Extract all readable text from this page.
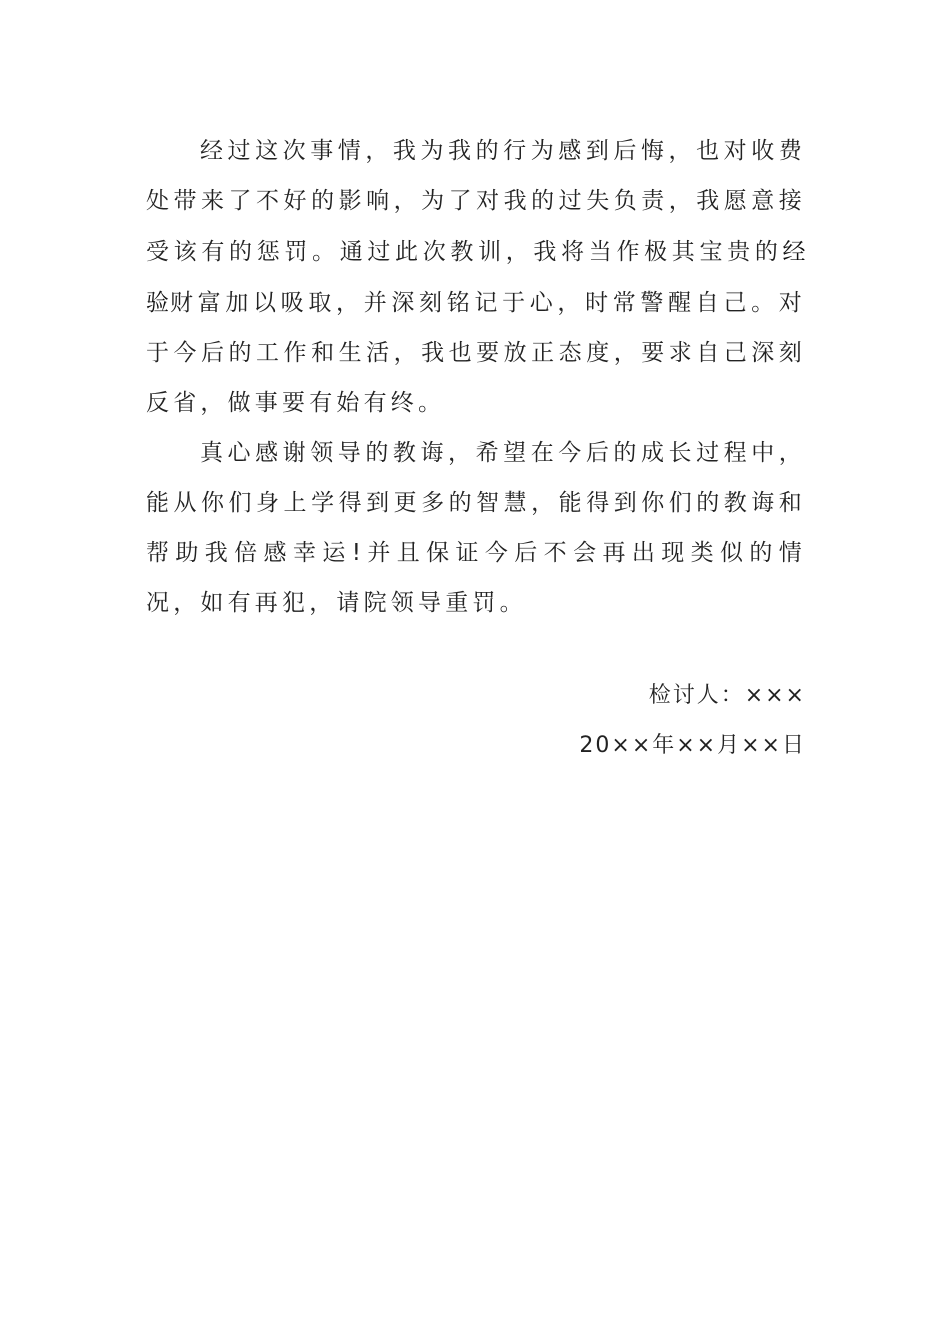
经过这次事情，我为我的行为感到后悔，也对收费处带来了不好的影响，为了对我的过失负责，我愿意接受该有的惩罚。通过此次教训，我将当作极其宝贵的经验财富加以吸取，并深刻铭记于心，时常警醒自己。对于今后的工作和生活，我也要放正态度，要求自己深刻反省，做事要有始有终。

真心感谢领导的教诲，希望在今后的成长过程中，能从你们身上学得到更多的智慧，能得到你们的教诲和帮助我倍感幸运!并且保证今后不会再出现类似的情况，如有再犯，请院领导重罚。

检讨人：×××
20××年××月××日
